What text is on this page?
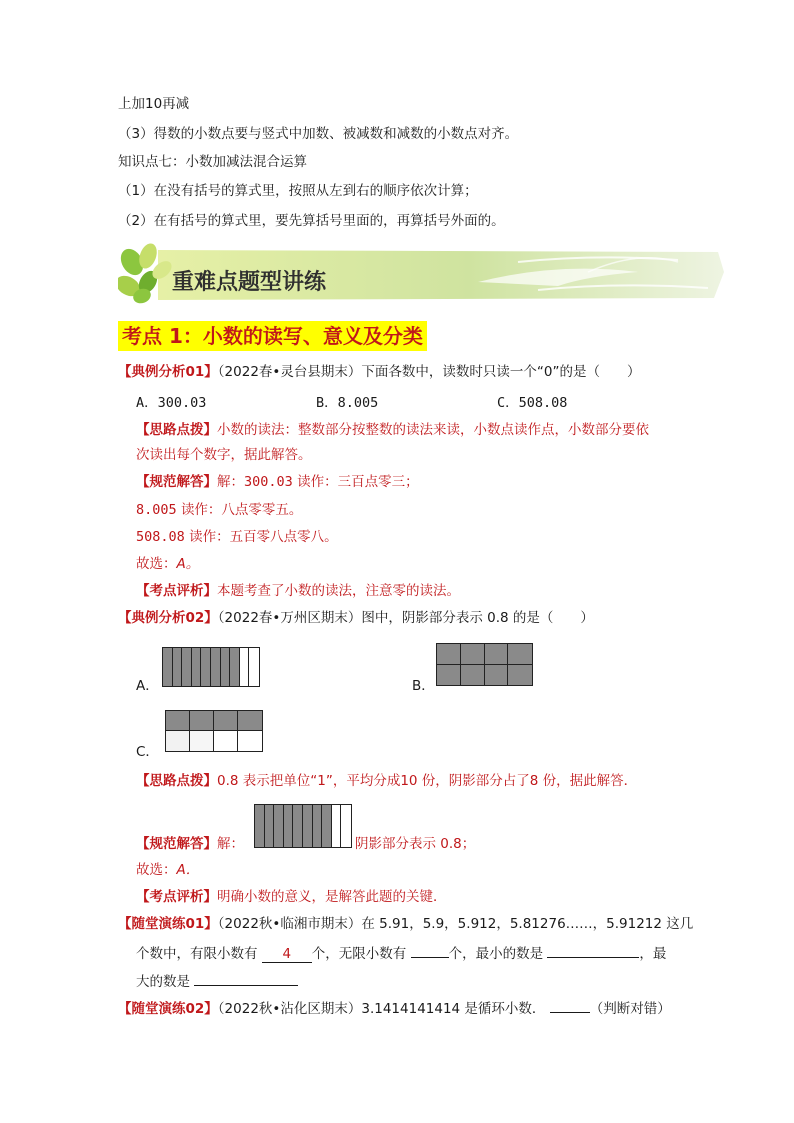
上加10再减
（3）得数的小数点要与竖式中加数、被减数和减数的小数点对齐。
知识点七：小数加减法混合运算
（1）在没有括号的算式里，按照从左到右的顺序依次计算；
（2）在有括号的算式里，要先算括号里面的，再算括号外面的。
重难点题型讲练
考点 1：小数的读写、意义及分类
【典例分析01】（2022春•灵台县期末）下面各数中，读数时只读一个“0”的是（　　）
A．300.03	B．8.005	C．508.08
【思路点拨】小数的读法：整数部分按整数的读法来读，小数点读作点，小数部分要依
次读出每个数字，据此解答。
【规范解答】解：300.03 读作：三百点零三；
8.005 读作：八点零零五。
508.08 读作：五百零八点零八。
故选：A。
【考点评析】本题考查了小数的读法，注意零的读法。
【典例分析02】（2022春•万州区期末）图中，阴影部分表示 0.8 的是（　　）
A．	B．
C．
【思路点拨】0.8 表示把单位“1”，平均分成10 份，阴影部分占了8 份，据此解答．
【规范解答】解：	阴影部分表示 0.8；
故选：A．
【考点评析】明确小数的意义，是解答此题的关键．
【随堂演练01】（2022秋•临湘市期末）在 5.91，5.9，5.912，5.81276……，5.91212 这几
个数中，有限小数有 4 个，无限小数有	个，最小的数是	，最
大的数是
【随堂演练02】（2022秋•沾化区期末）3.1414141414 是循环小数．	（判断对错）
